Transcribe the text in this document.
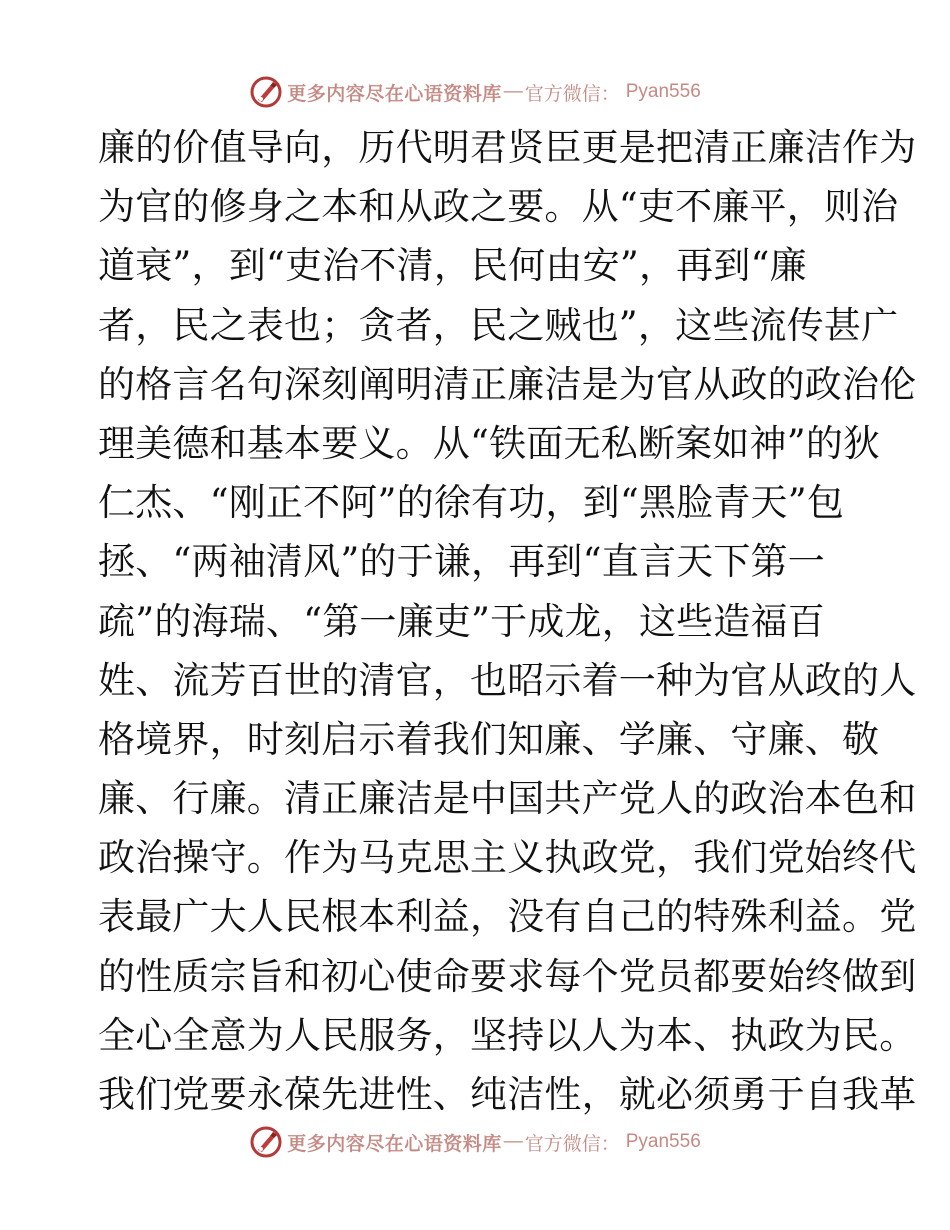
更多内容尽在心语资料库 — 官方微信： Pyan556
廉的价值导向，历代明君贤臣更是把清正廉洁作为
为官的修身之本和从政之要。从“吏不廉平，则治
道衰”，到“吏治不清，民何由安”，再到“廉
者，民之表也；贪者，民之贼也”，这些流传甚广
的格言名句深刻阐明清正廉洁是为官从政的政治伦
理美德和基本要义。从“铁面无私断案如神”的狄
仁杰、“刚正不阿”的徐有功，到“黑脸青天”包
拯、“两袖清风”的于谦，再到“直言天下第一
疏”的海瑞、“第一廉吏”于成龙，这些造福百
姓、流芳百世的清官，也昭示着一种为官从政的人
格境界，时刻启示着我们知廉、学廉、守廉、敬
廉、行廉。清正廉洁是中国共产党人的政治本色和
政治操守。作为马克思主义执政党，我们党始终代
表最广大人民根本利益，没有自己的特殊利益。党
的性质宗旨和初心使命要求每个党员都要始终做到
全心全意为人民服务，坚持以人为本、执政为民。
我们党要永葆先进性、纯洁性，就必须勇于自我革
更多内容尽在心语资料库 — 官方微信： Pyan556
